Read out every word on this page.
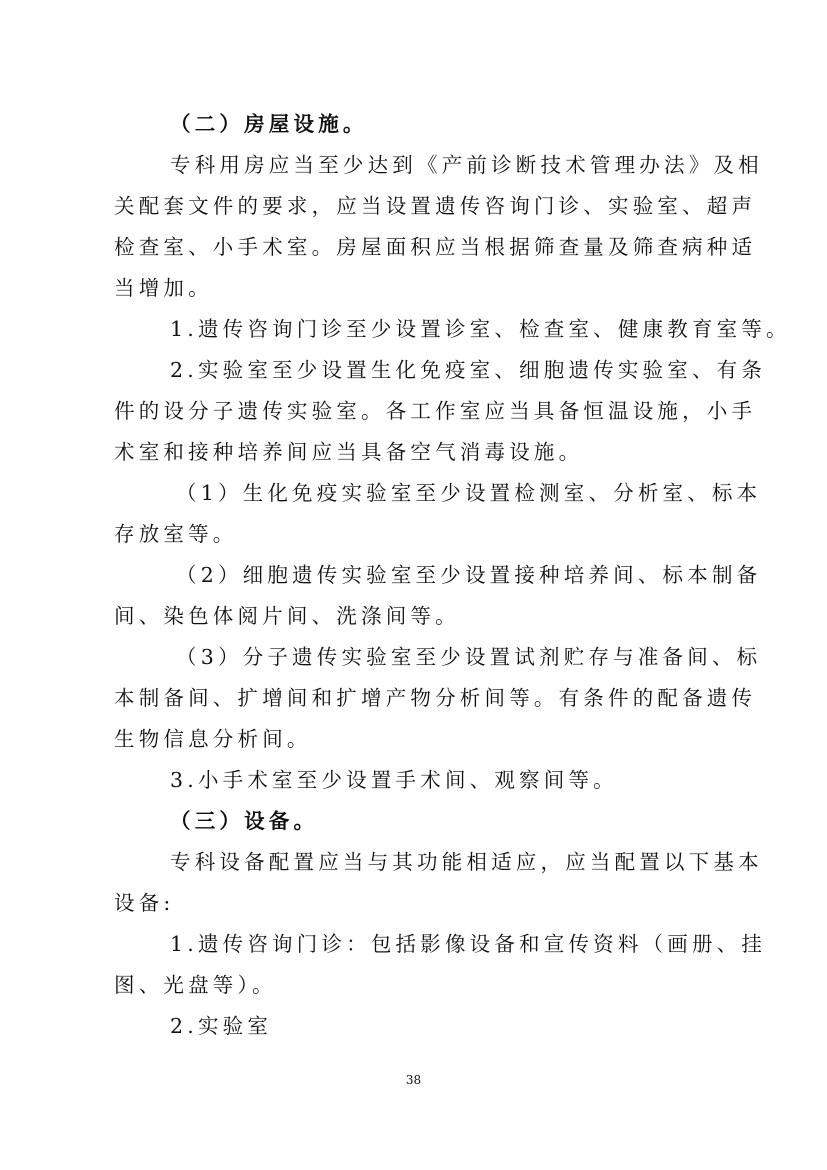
（二）房屋设施。
专科用房应当至少达到《产前诊断技术管理办法》及相
关配套文件的要求，应当设置遗传咨询门诊、实验室、超声
检查室、小手术室。房屋面积应当根据筛查量及筛查病种适
当增加。
1.遗传咨询门诊至少设置诊室、检查室、健康教育室等。
2.实验室至少设置生化免疫室、细胞遗传实验室、有条
件的设分子遗传实验室。各工作室应当具备恒温设施，小手
术室和接种培养间应当具备空气消毒设施。
（1）生化免疫实验室至少设置检测室、分析室、标本
存放室等。
（2）细胞遗传实验室至少设置接种培养间、标本制备
间、染色体阅片间、洗涤间等。
（3）分子遗传实验室至少设置试剂贮存与准备间、标
本制备间、扩增间和扩增产物分析间等。有条件的配备遗传
生物信息分析间。
3.小手术室至少设置手术间、观察间等。
（三）设备。
专科设备配置应当与其功能相适应，应当配置以下基本
设备:
1.遗传咨询门诊：包括影像设备和宣传资料（画册、挂
图、光盘等）。
2.实验室
38
